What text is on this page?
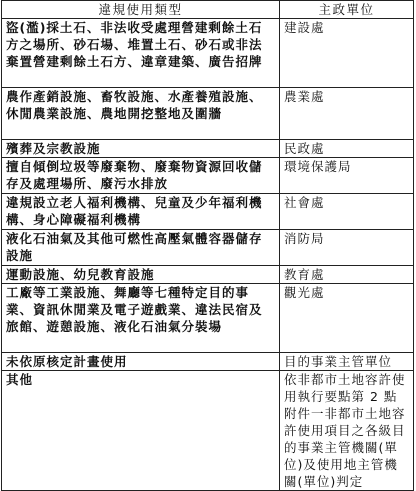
違規使用類型	主政單位
盜(濫)採土石、非法收受處理營建剩餘土石方之場所、砂石場、堆置土石、砂石或非法棄置營建剩餘土石方、違章建築、廣告招牌	建設處
農作產銷設施、畜牧設施、水產養殖設施、休閒農業設施、農地開挖整地及圍牆	農業處
殯葬及宗教設施	民政處
擅自傾倒垃圾等廢棄物、廢棄物資源回收儲存及處理場所、廢污水排放	環境保護局
違規設立老人福利機構、兒童及少年福利機構、身心障礙福利機構	社會處
液化石油氣及其他可燃性高壓氣體容器儲存設施	消防局
運動設施、幼兒教育設施	教育處
工廠等工業設施、舞廳等七種特定目的事業、資訊休閒業及電子遊戲業、違法民宿及旅館、遊憩設施、液化石油氣分裝場	觀光處
未依原核定計畫使用	目的事業主管單位
其他	依非都市土地容許使用執行要點第 2 點附件一非都市土地容許使用項目之各級目的事業主管機關(單位)及使用地主管機關(單位)判定
